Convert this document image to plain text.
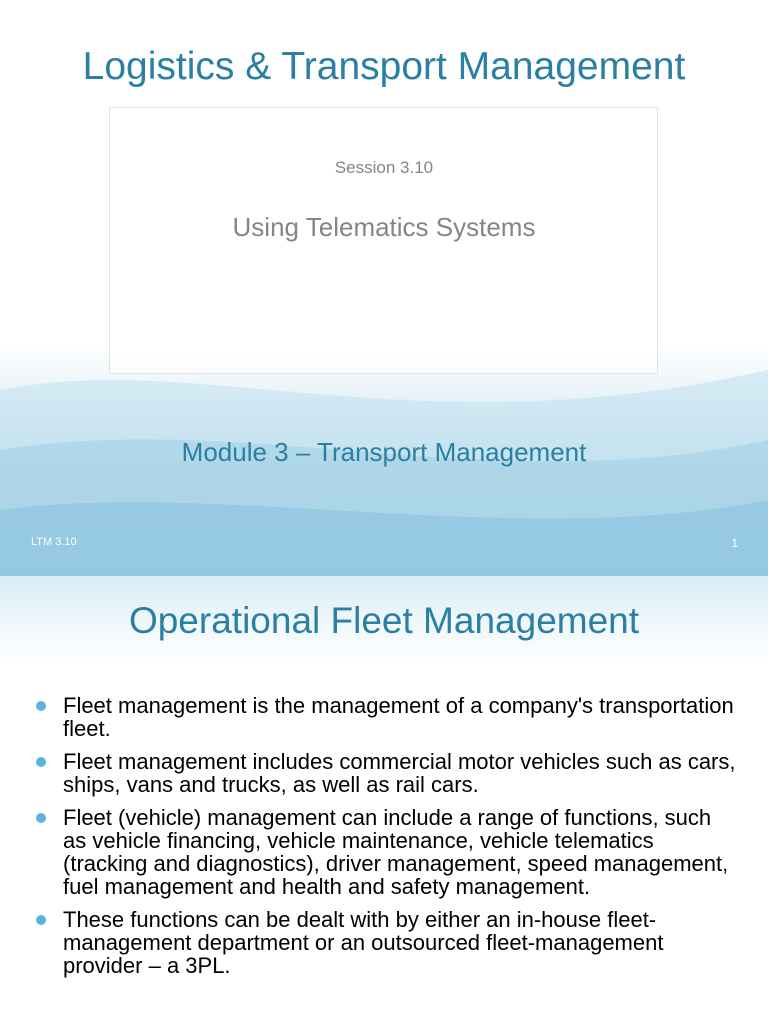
Logistics & Transport Management
Session 3.10
Using Telematics Systems
Module 3 – Transport Management
LTM 3.10	1
Operational Fleet Management
Fleet management is the management of a company's transportation fleet.
Fleet management includes commercial motor vehicles such as cars, ships, vans and trucks, as well as rail cars.
Fleet (vehicle) management can include a range of functions, such as vehicle financing, vehicle maintenance, vehicle telematics (tracking and diagnostics), driver management, speed management, fuel management and health and safety management.
These functions can be dealt with by either an in-house fleet-management department or an outsourced fleet-management provider – a 3PL.
